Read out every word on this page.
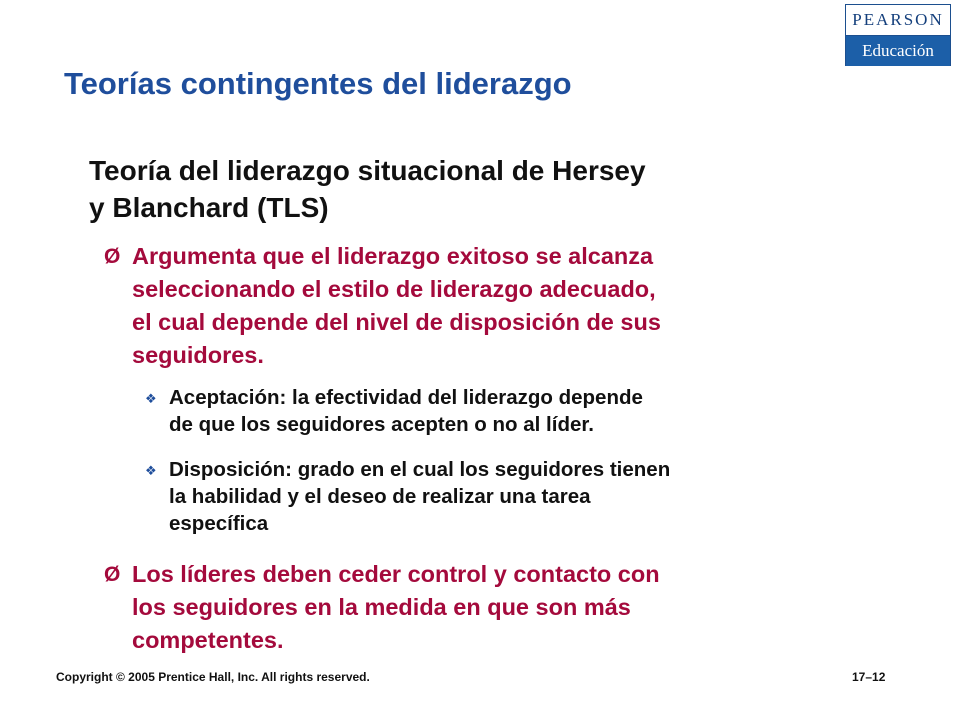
PEARSON
Educación
Teorías contingentes del liderazgo
Teoría del liderazgo situacional de Hersey
y Blanchard (TLS)
Ø Argumenta que el liderazgo exitoso se alcanza
seleccionando el estilo de liderazgo adecuado,
el cual depende del nivel de disposición de sus
seguidores.
❖ Aceptación: la efectividad del liderazgo depende
de que los seguidores acepten o no al líder.
❖ Disposición: grado en el cual los seguidores tienen
la habilidad y el deseo de realizar una tarea
específica
Ø Los líderes deben ceder control y contacto con
los seguidores en la medida en que son más
competentes.
Copyright © 2005 Prentice Hall, Inc. All rights reserved.	17–12
